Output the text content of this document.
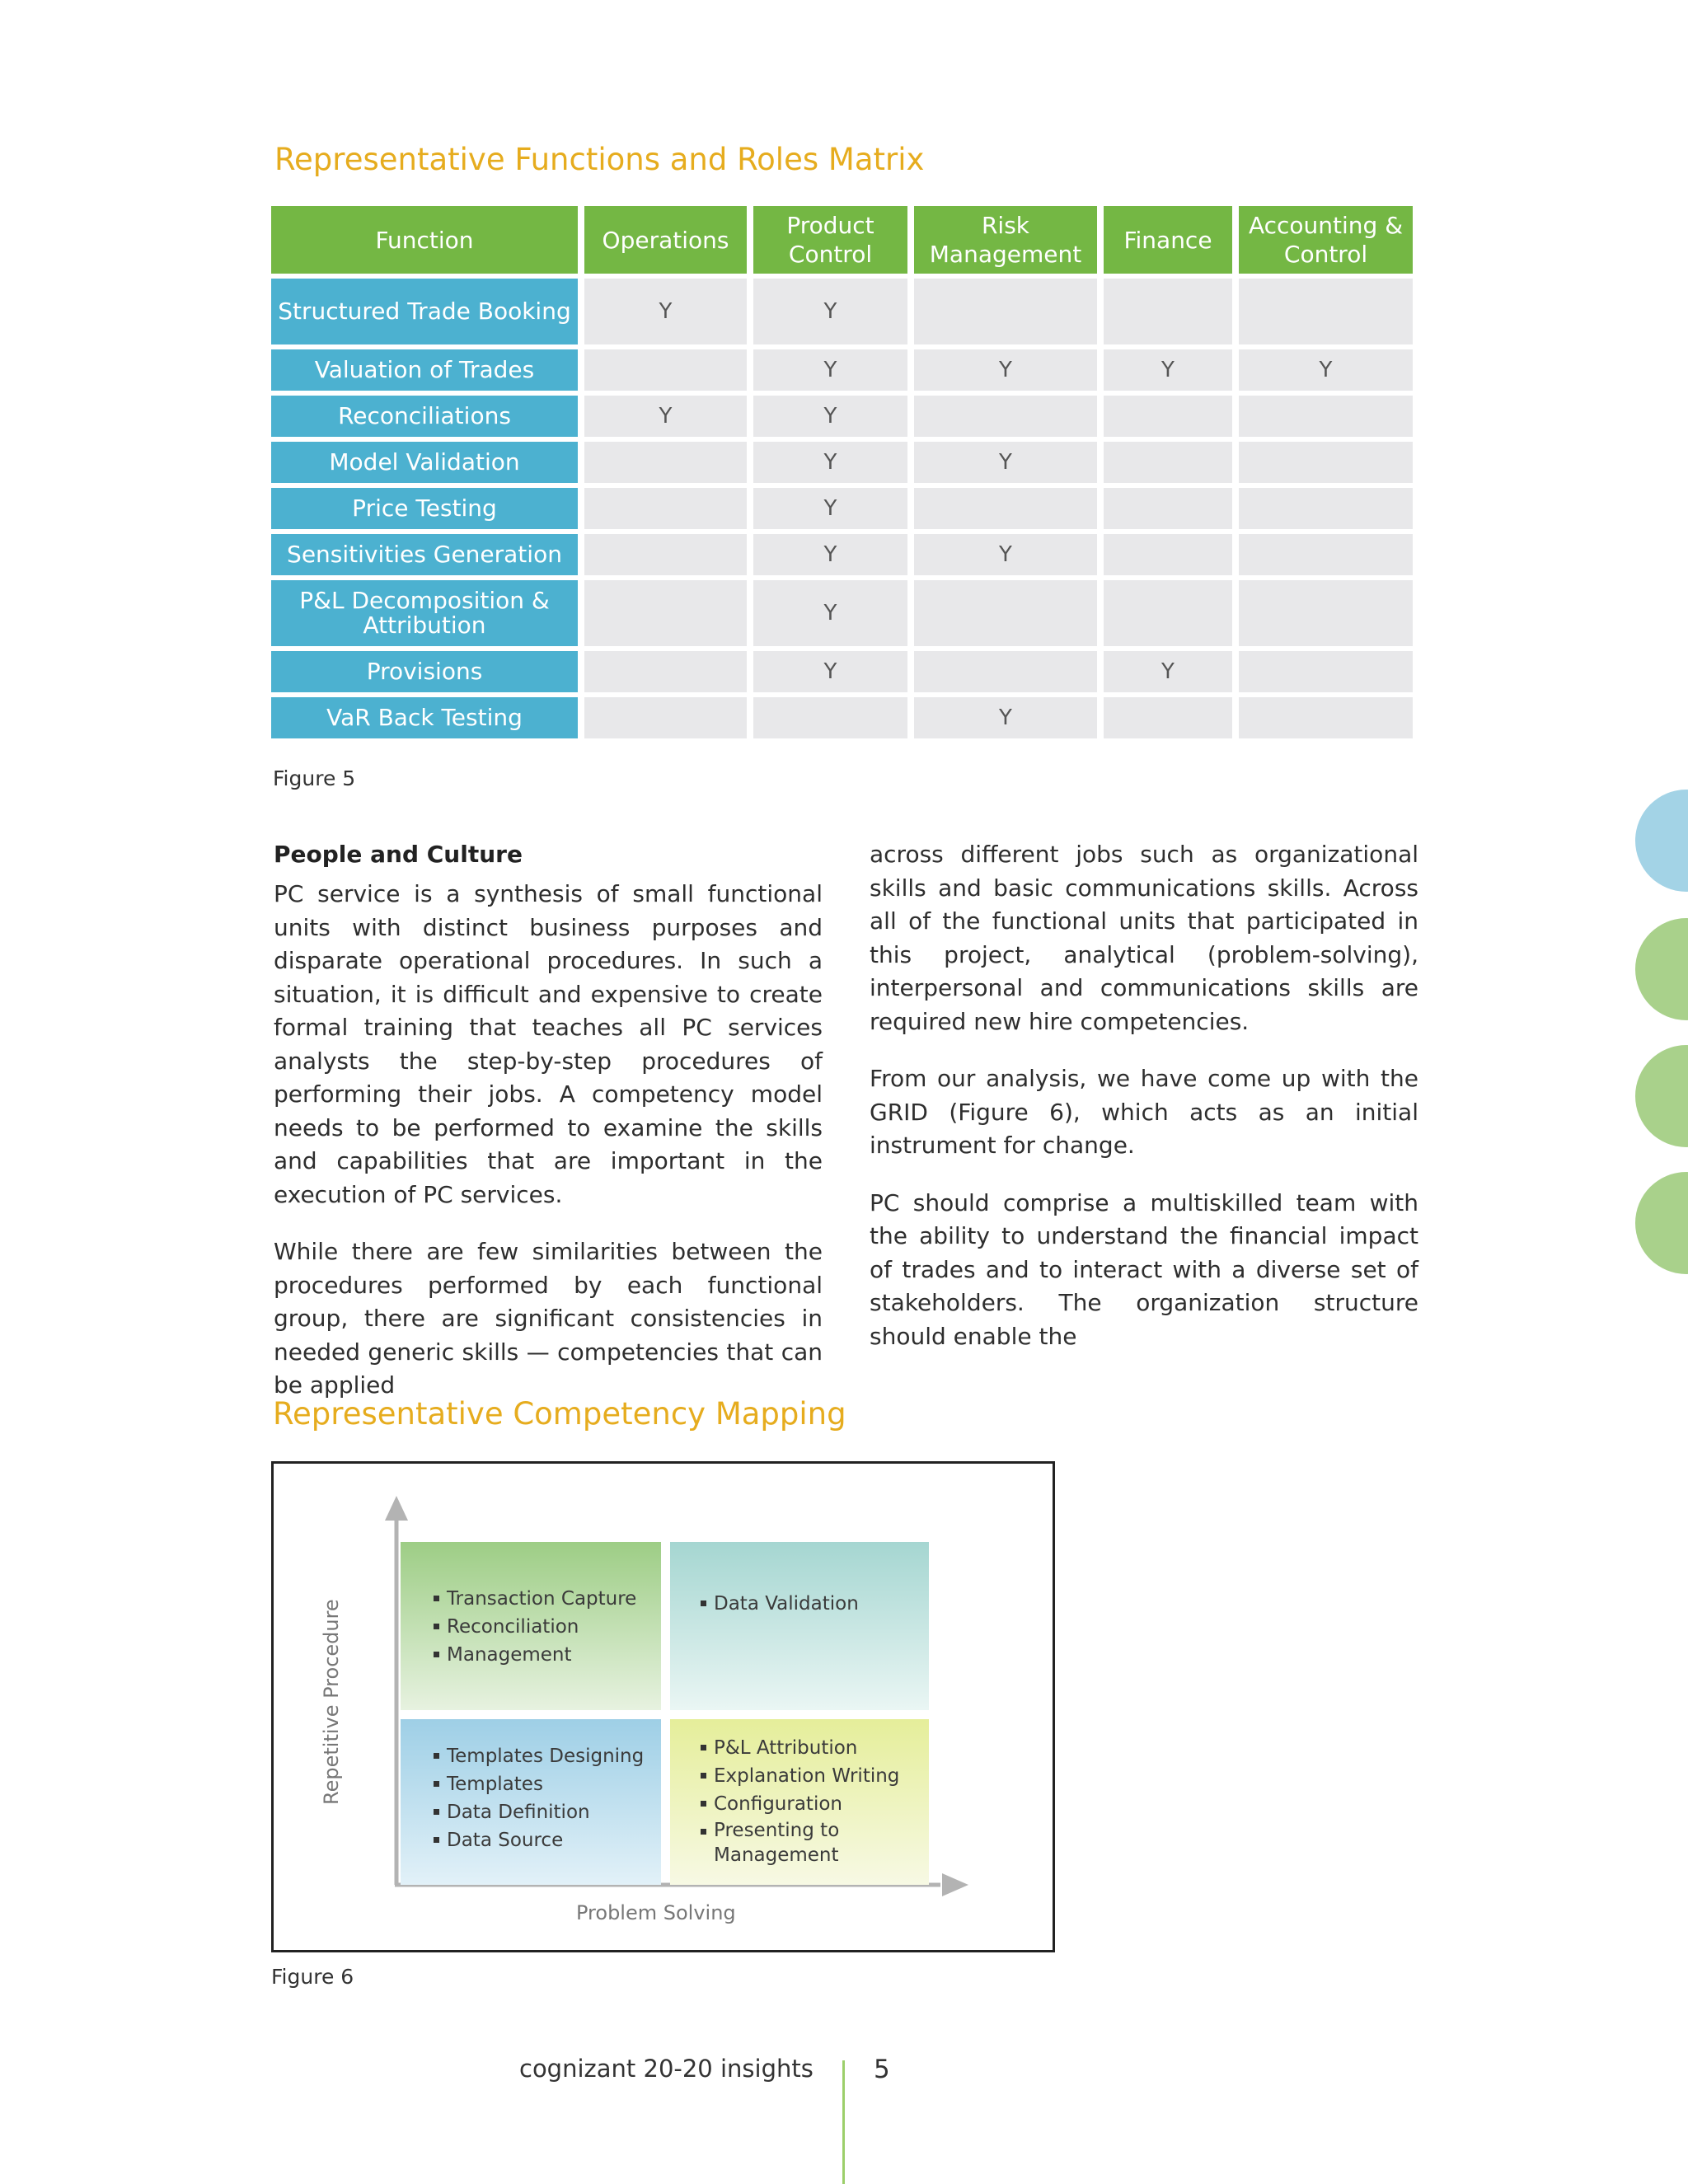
Representative Functions and Roles Matrix
Function	Operations	Product Control	Risk Management	Finance	Accounting & Control
Structured Trade Booking	Y	Y			
Valuation of Trades		Y	Y	Y	Y
Reconciliations	Y	Y			
Model Validation		Y	Y		
Price Testing		Y			
Sensitivities Generation		Y	Y		
P&L Decomposition & Attribution		Y			
Provisions		Y		Y	
VaR Back Testing			Y		

Figure 5

People and Culture

PC service is a synthesis of small functional units with distinct business purposes and disparate operational procedures. In such a situation, it is difficult and expensive to create formal training that teaches all PC services analysts the step-by-step procedures of performing their jobs. A competency model needs to be performed to examine the skills and capabilities that are important in the execution of PC services.

While there are few similarities between the procedures performed by each functional group, there are significant consistencies in needed generic skills — competencies that can be applied

across different jobs such as organizational skills and basic communications skills. Across all of the functional units that participated in this project, analytical (problem-solving), interpersonal and communications skills are required new hire competencies.

From our analysis, we have come up with the GRID (Figure 6), which acts as an initial instrument for change.

PC should comprise a multiskilled team with the ability to understand the financial impact of trades and to interact with a diverse set of stakeholders. The organization structure should enable the

Representative Competency Mapping
Transaction Capture
Reconciliation
Management
Data Validation
Templates Designing
Templates
Data Definition
Data Source
P&L Attribution
Explanation Writing
Configuration
Presenting to Management
Repetitive Procedure
Problem Solving

Figure 6

cognizant 20-20 insights 5
